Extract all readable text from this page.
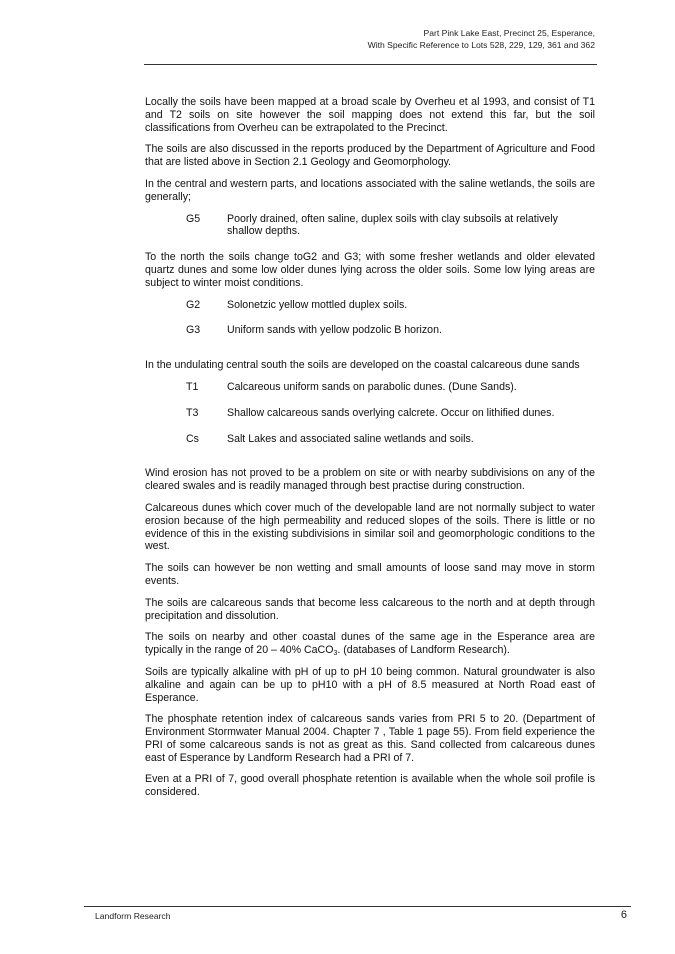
Part Pink Lake East, Precinct 25, Esperance,
With Specific Reference to Lots 528, 229, 129, 361 and 362

Locally the soils have been mapped at a broad scale by Overheu et al 1993, and consist of T1 and T2 soils on site however the soil mapping does not extend this far, but the soil classifications from Overheu can be extrapolated to the Precinct.

The soils are also discussed in the reports produced by the Department of Agriculture and Food that are listed above in Section 2.1 Geology and Geomorphology.

In the central and western parts, and locations associated with the saline wetlands, the soils are generally;

G5	Poorly drained, often saline, duplex soils with clay subsoils at relatively shallow depths.

To the north the soils change toG2 and G3; with some fresher wetlands and older elevated quartz dunes and some low older dunes lying across the older soils. Some low lying areas are subject to winter moist conditions.

G2	Solonetzic yellow mottled duplex soils.
G3	Uniform sands with yellow podzolic B horizon.

In the undulating central south the soils are developed on the coastal calcareous dune sands

T1	Calcareous uniform sands on parabolic dunes. (Dune Sands).
T3	Shallow calcareous sands overlying calcrete. Occur on lithified dunes.
Cs	Salt Lakes and associated saline wetlands and soils.

Wind erosion has not proved to be a problem on site or with nearby subdivisions on any of the cleared swales and is readily managed through best practise during construction.

Calcareous dunes which cover much of the developable land are not normally subject to water erosion because of the high permeability and reduced slopes of the soils. There is little or no evidence of this in the existing subdivisions in similar soil and geomorphologic conditions to the west.

The soils can however be non wetting and small amounts of loose sand may move in storm events.

The soils are calcareous sands that become less calcareous to the north and at depth through precipitation and dissolution.

The soils on nearby and other coastal dunes of the same age in the Esperance area are typically in the range of 20 – 40% CaCO$_3$. (databases of Landform Research).

Soils are typically alkaline with pH of up to pH 10 being common. Natural groundwater is also alkaline and again can be up to pH10 with a pH of 8.5 measured at North Road east of Esperance.

The phosphate retention index of calcareous sands varies from PRI 5 to 20. (Department of Environment Stormwater Manual 2004. Chapter 7 , Table 1 page 55). From field experience the PRI of some calcareous sands is not as great as this. Sand collected from calcareous dunes east of Esperance by Landform Research had a PRI of 7.

Even at a PRI of 7, good overall phosphate retention is available when the whole soil profile is considered.

Landform Research	6
